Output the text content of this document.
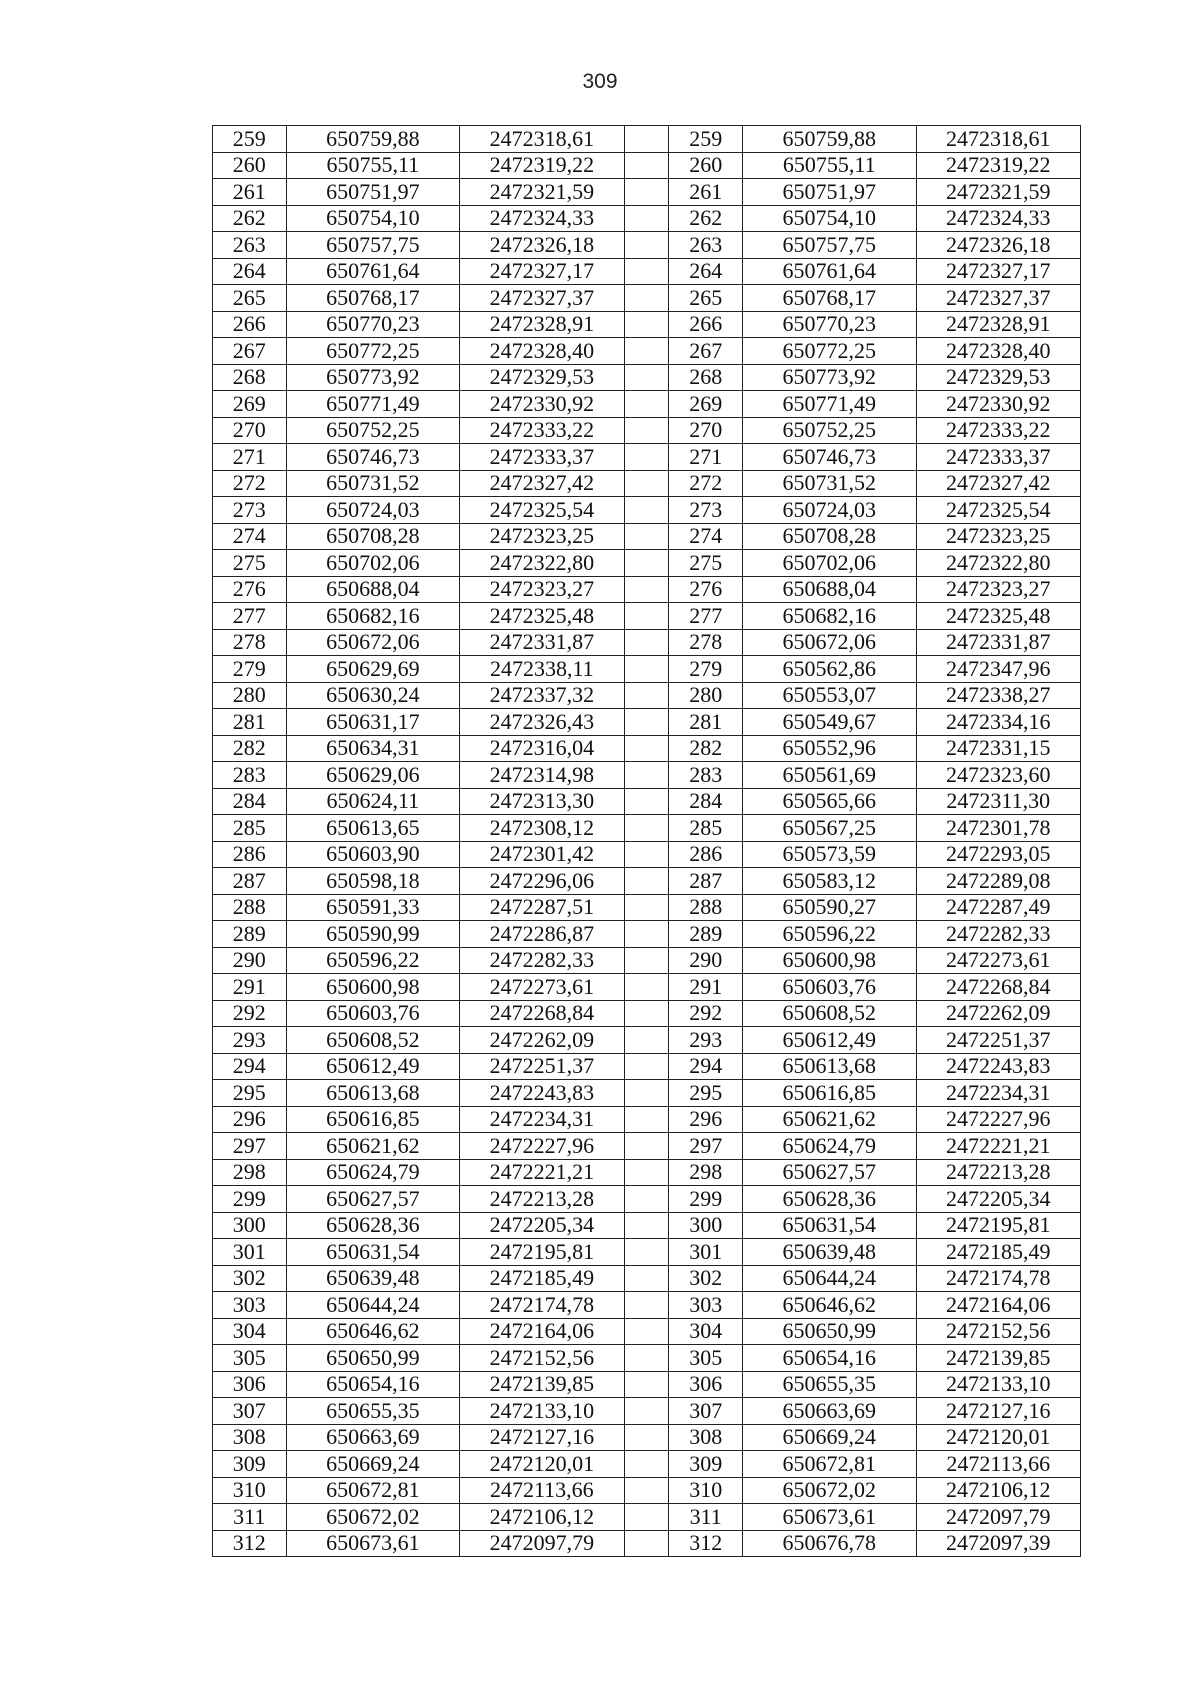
309
259	650759,88	2472318,61		259	650759,88	2472318,61
260	650755,11	2472319,22		260	650755,11	2472319,22
261	650751,97	2472321,59		261	650751,97	2472321,59
262	650754,10	2472324,33		262	650754,10	2472324,33
263	650757,75	2472326,18		263	650757,75	2472326,18
264	650761,64	2472327,17		264	650761,64	2472327,17
265	650768,17	2472327,37		265	650768,17	2472327,37
266	650770,23	2472328,91		266	650770,23	2472328,91
267	650772,25	2472328,40		267	650772,25	2472328,40
268	650773,92	2472329,53		268	650773,92	2472329,53
269	650771,49	2472330,92		269	650771,49	2472330,92
270	650752,25	2472333,22		270	650752,25	2472333,22
271	650746,73	2472333,37		271	650746,73	2472333,37
272	650731,52	2472327,42		272	650731,52	2472327,42
273	650724,03	2472325,54		273	650724,03	2472325,54
274	650708,28	2472323,25		274	650708,28	2472323,25
275	650702,06	2472322,80		275	650702,06	2472322,80
276	650688,04	2472323,27		276	650688,04	2472323,27
277	650682,16	2472325,48		277	650682,16	2472325,48
278	650672,06	2472331,87		278	650672,06	2472331,87
279	650629,69	2472338,11		279	650562,86	2472347,96
280	650630,24	2472337,32		280	650553,07	2472338,27
281	650631,17	2472326,43		281	650549,67	2472334,16
282	650634,31	2472316,04		282	650552,96	2472331,15
283	650629,06	2472314,98		283	650561,69	2472323,60
284	650624,11	2472313,30		284	650565,66	2472311,30
285	650613,65	2472308,12		285	650567,25	2472301,78
286	650603,90	2472301,42		286	650573,59	2472293,05
287	650598,18	2472296,06		287	650583,12	2472289,08
288	650591,33	2472287,51		288	650590,27	2472287,49
289	650590,99	2472286,87		289	650596,22	2472282,33
290	650596,22	2472282,33		290	650600,98	2472273,61
291	650600,98	2472273,61		291	650603,76	2472268,84
292	650603,76	2472268,84		292	650608,52	2472262,09
293	650608,52	2472262,09		293	650612,49	2472251,37
294	650612,49	2472251,37		294	650613,68	2472243,83
295	650613,68	2472243,83		295	650616,85	2472234,31
296	650616,85	2472234,31		296	650621,62	2472227,96
297	650621,62	2472227,96		297	650624,79	2472221,21
298	650624,79	2472221,21		298	650627,57	2472213,28
299	650627,57	2472213,28		299	650628,36	2472205,34
300	650628,36	2472205,34		300	650631,54	2472195,81
301	650631,54	2472195,81		301	650639,48	2472185,49
302	650639,48	2472185,49		302	650644,24	2472174,78
303	650644,24	2472174,78		303	650646,62	2472164,06
304	650646,62	2472164,06		304	650650,99	2472152,56
305	650650,99	2472152,56		305	650654,16	2472139,85
306	650654,16	2472139,85		306	650655,35	2472133,10
307	650655,35	2472133,10		307	650663,69	2472127,16
308	650663,69	2472127,16		308	650669,24	2472120,01
309	650669,24	2472120,01		309	650672,81	2472113,66
310	650672,81	2472113,66		310	650672,02	2472106,12
311	650672,02	2472106,12		311	650673,61	2472097,79
312	650673,61	2472097,79		312	650676,78	2472097,39
